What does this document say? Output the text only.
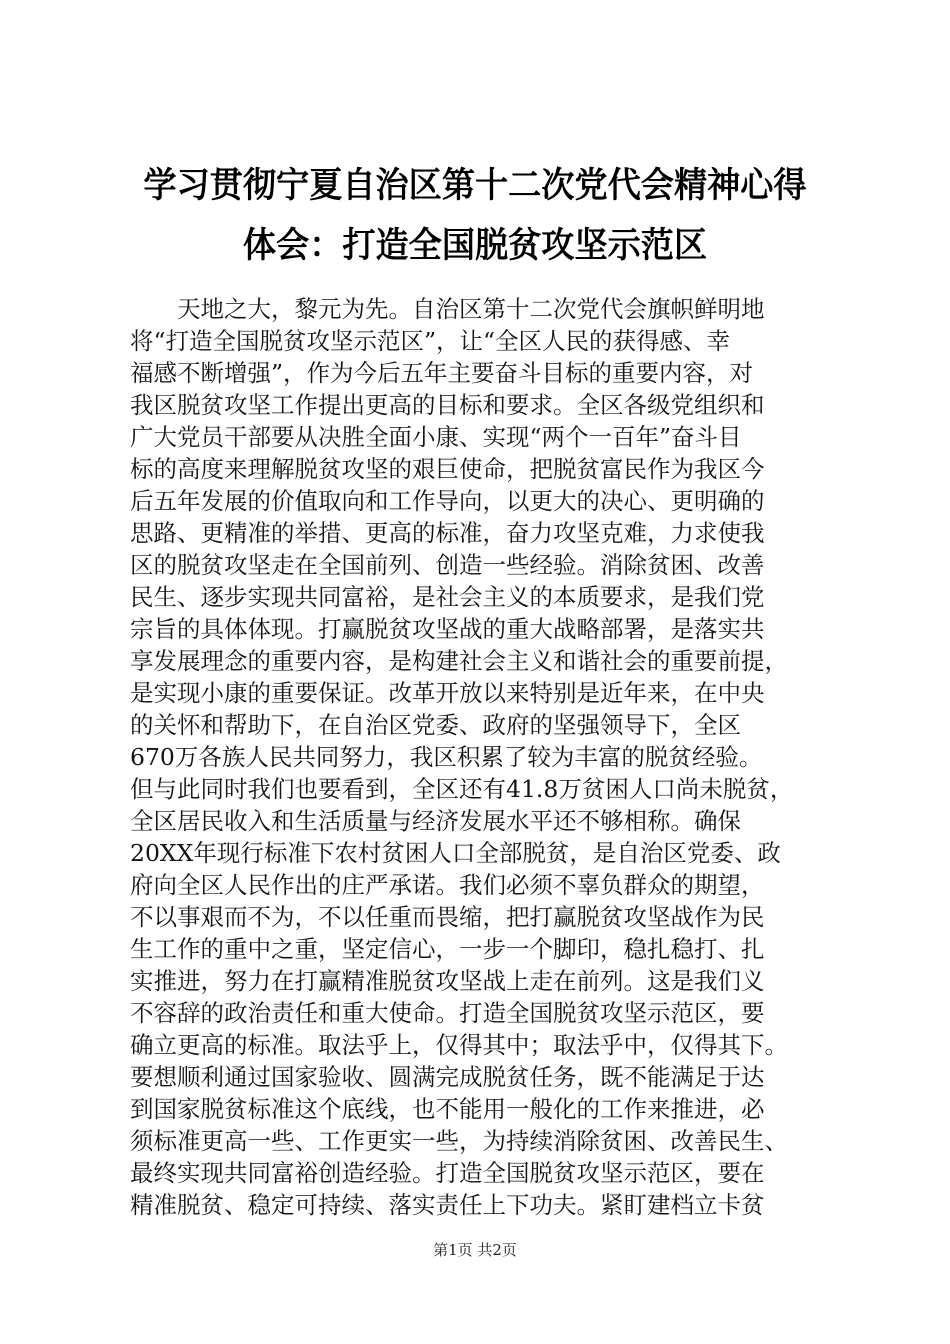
学习贯彻宁夏自治区第十二次党代会精神心得
体会：打造全国脱贫攻坚示范区
　　天地之大，黎元为先。自治区第十二次党代会旗帜鲜明地
将“打造全国脱贫攻坚示范区”，让“全区人民的获得感、幸
福感不断增强”，作为今后五年主要奋斗目标的重要内容，对
我区脱贫攻坚工作提出更高的目标和要求。全区各级党组织和
广大党员干部要从决胜全面小康、实现“两个一百年”奋斗目
标的高度来理解脱贫攻坚的艰巨使命，把脱贫富民作为我区今
后五年发展的价值取向和工作导向，以更大的决心、更明确的
思路、更精准的举措、更高的标准，奋力攻坚克难，力求使我
区的脱贫攻坚走在全国前列、创造一些经验。消除贫困、改善
民生、逐步实现共同富裕，是社会主义的本质要求，是我们党
宗旨的具体体现。打赢脱贫攻坚战的重大战略部署，是落实共
享发展理念的重要内容，是构建社会主义和谐社会的重要前提，
是实现小康的重要保证。改革开放以来特别是近年来，在中央
的关怀和帮助下，在自治区党委、政府的坚强领导下，全区
670万各族人民共同努力，我区积累了较为丰富的脱贫经验。
但与此同时我们也要看到，全区还有41.8万贫困人口尚未脱贫，
全区居民收入和生活质量与经济发展水平还不够相称。确保
20XX年现行标准下农村贫困人口全部脱贫，是自治区党委、政
府向全区人民作出的庄严承诺。我们必须不辜负群众的期望，
不以事艰而不为，不以任重而畏缩，把打赢脱贫攻坚战作为民
生工作的重中之重，坚定信心，一步一个脚印，稳扎稳打、扎
实推进，努力在打赢精准脱贫攻坚战上走在前列。这是我们义
不容辞的政治责任和重大使命。打造全国脱贫攻坚示范区，要
确立更高的标准。取法乎上，仅得其中；取法乎中，仅得其下。
要想顺利通过国家验收、圆满完成脱贫任务，既不能满足于达
到国家脱贫标准这个底线，也不能用一般化的工作来推进，必
须标准更高一些、工作更实一些，为持续消除贫困、改善民生、
最终实现共同富裕创造经验。打造全国脱贫攻坚示范区，要在
精准脱贫、稳定可持续、落实责任上下功夫。紧盯建档立卡贫
第1页 共2页
